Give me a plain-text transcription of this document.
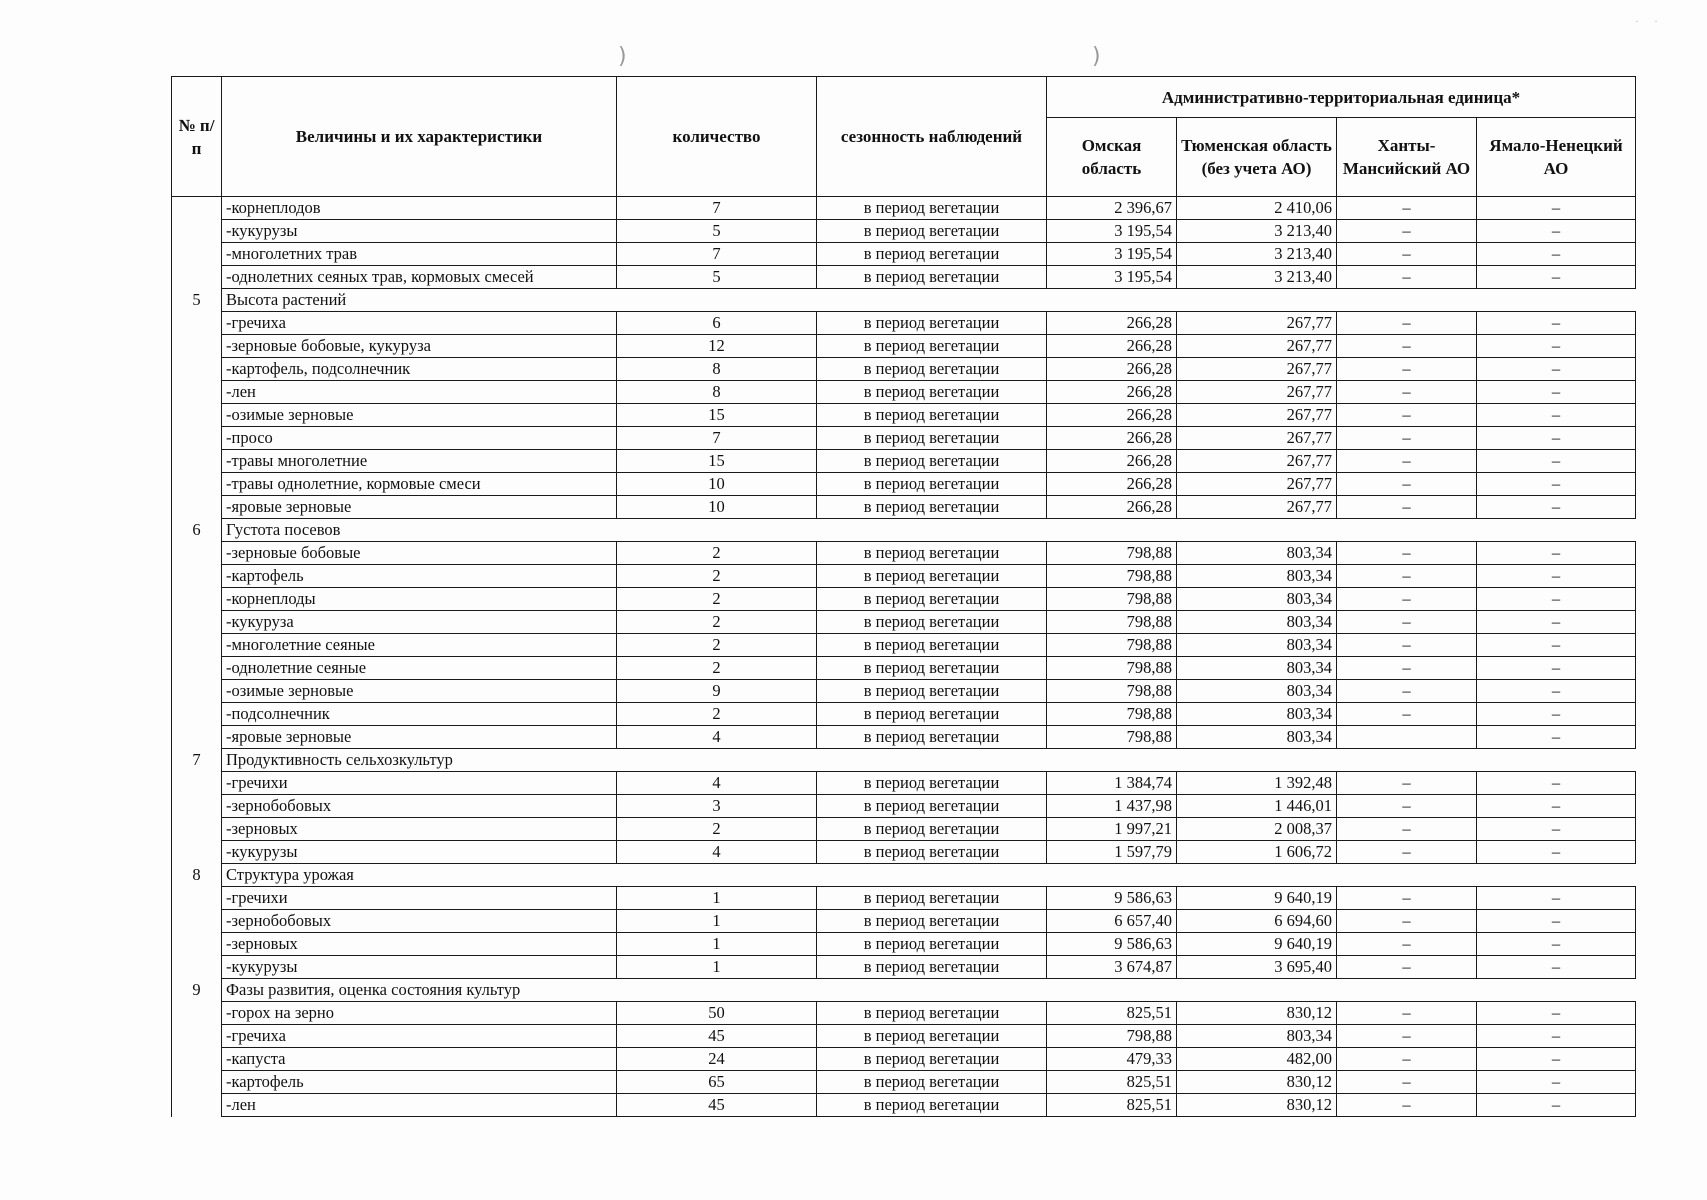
)	)
· ·
№ п/п	Величины и их характеристики	количество	сезонность наблюдений	Административно-территориальная единица*			
				Омская область	Тюменская область (без учета АО)	Ханты-Мансийский АО	Ямало-Ненецкий АО
	-корнеплодов	7	в период вегетации	2 396,67	2 410,06	–	–
	-кукурузы	5	в период вегетации	3 195,54	3 213,40	–	–
	-многолетних трав	7	в период вегетации	3 195,54	3 213,40	–	–
	-однолетних сеяных трав, кормовых смесей	5	в период вегетации	3 195,54	3 213,40	–	–
5	Высота растений						
	-гречиха	6	в период вегетации	266,28	267,77	–	–
	-зерновые бобовые, кукуруза	12	в период вегетации	266,28	267,77	–	–
	-картофель, подсолнечник	8	в период вегетации	266,28	267,77	–	–
	-лен	8	в период вегетации	266,28	267,77	–	–
	-озимые зерновые	15	в период вегетации	266,28	267,77	–	–
	-просо	7	в период вегетации	266,28	267,77	–	–
	-травы многолетние	15	в период вегетации	266,28	267,77	–	–
	-травы однолетние, кормовые смеси	10	в период вегетации	266,28	267,77	–	–
	-яровые зерновые	10	в период вегетации	266,28	267,77	–	–
6	Густота посевов						
	-зерновые бобовые	2	в период вегетации	798,88	803,34	–	–
	-картофель	2	в период вегетации	798,88	803,34	–	–
	-корнеплоды	2	в период вегетации	798,88	803,34	–	–
	-кукуруза	2	в период вегетации	798,88	803,34	–	–
	-многолетние сеяные	2	в период вегетации	798,88	803,34	–	–
	-однолетние сеяные	2	в период вегетации	798,88	803,34	–	–
	-озимые зерновые	9	в период вегетации	798,88	803,34	–	–
	-подсолнечник	2	в период вегетации	798,88	803,34	–	–
	-яровые зерновые	4	в период вегетации	798,88	803,34		–
7	Продуктивность сельхозкультур						
	-гречихи	4	в период вегетации	1 384,74	1 392,48	–	–
	-зернобобовых	3	в период вегетации	1 437,98	1 446,01	–	–
	-зерновых	2	в период вегетации	1 997,21	2 008,37	–	–
	-кукурузы	4	в период вегетации	1 597,79	1 606,72	–	–
8	Структура урожая						
	-гречихи	1	в период вегетации	9 586,63	9 640,19	–	–
	-зернобобовых	1	в период вегетации	6 657,40	6 694,60	–	–
	-зерновых	1	в период вегетации	9 586,63	9 640,19	–	–
	-кукурузы	1	в период вегетации	3 674,87	3 695,40	–	–
9	Фазы развития, оценка состояния культур						
	-горох на зерно	50	в период вегетации	825,51	830,12	–	–
	-гречиха	45	в период вегетации	798,88	803,34	–	–
	-капуста	24	в период вегетации	479,33	482,00	–	–
	-картофель	65	в период вегетации	825,51	830,12	–	–
	-лен	45	в период вегетации	825,51	830,12	–	–
